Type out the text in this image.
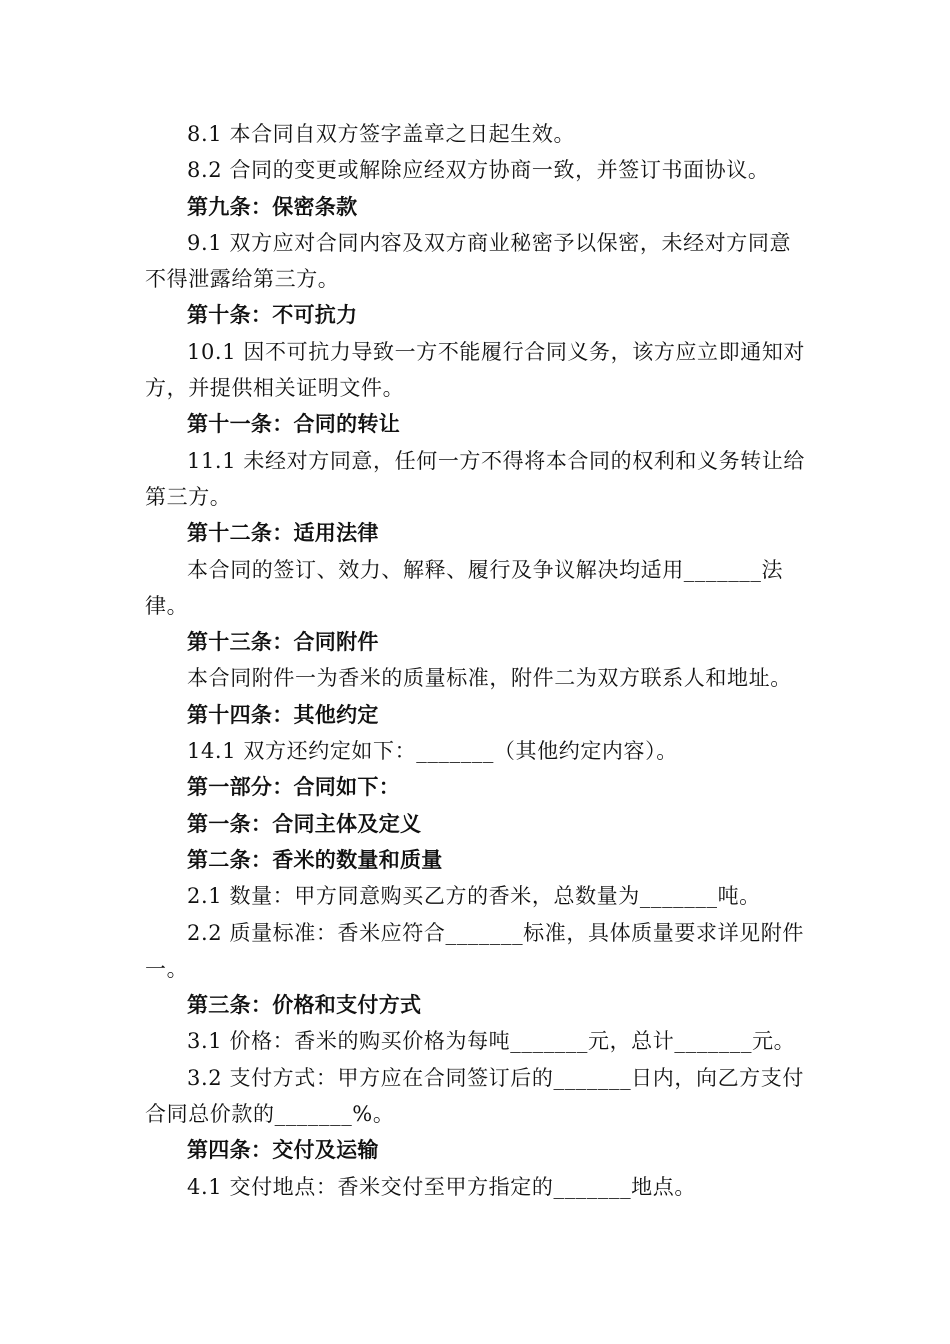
8.1 本合同自双方签字盖章之日起生效。

8.2 合同的变更或解除应经双方协商一致，并签订书面协议。

第九条：保密条款

9.1 双方应对合同内容及双方商业秘密予以保密，未经对方同意不得泄露给第三方。

第十条：不可抗力

10.1 因不可抗力导致一方不能履行合同义务，该方应立即通知对方，并提供相关证明文件。

第十一条：合同的转让

11.1 未经对方同意，任何一方不得将本合同的权利和义务转让给第三方。

第十二条：适用法律

本合同的签订、效力、解释、履行及争议解决均适用_______法律。

第十三条：合同附件

本合同附件一为香米的质量标准，附件二为双方联系人和地址。

第十四条：其他约定

14.1 双方还约定如下：_______（其他约定内容）。

第一部分：合同如下：

第一条：合同主体及定义

第二条：香米的数量和质量

2.1 数量：甲方同意购买乙方的香米，总数量为_______吨。

2.2 质量标准：香米应符合_______标准，具体质量要求详见附件一。

第三条：价格和支付方式

3.1 价格：香米的购买价格为每吨_______元，总计_______元。

3.2 支付方式：甲方应在合同签订后的_______日内，向乙方支付合同总价款的_______%。

第四条：交付及运输

4.1 交付地点：香米交付至甲方指定的_______地点。
